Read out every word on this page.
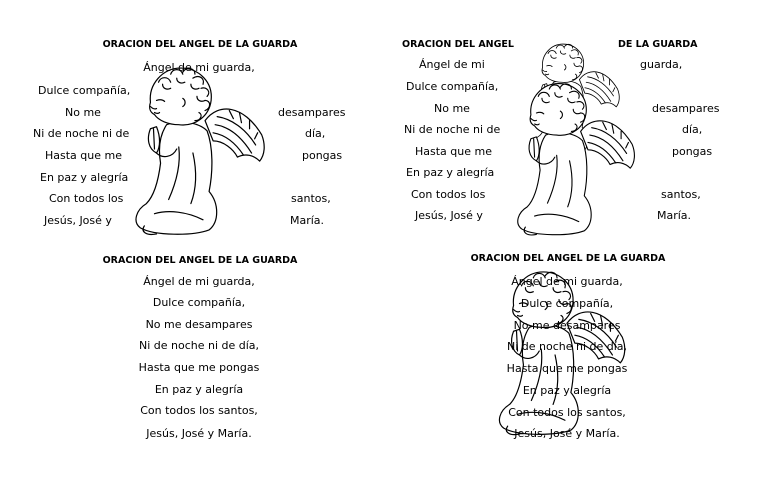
ORACION DEL ANGEL DE LA GUARDA
Ángel de mi guarda,
Dulce compañía,
No me	desampares
Ni de noche ni de	día,
Hasta que me	pongas
En paz y alegría
Con todos los	santos,
Jesús, José y	María.
ORACION DEL ANGEL	DE LA GUARDA
Ángel de mi	guarda,
Dulce compañía,
No me	desampares
Ni de noche ni de	día,
Hasta que me	pongas
En paz y alegría
Con todos los	santos,
Jesús, José y	María.
ORACION DEL ANGEL DE LA GUARDA
Ángel de mi guarda,
Dulce compañía,
No me desampares
Ni de noche ni de día,
Hasta que me pongas
En paz y alegría
Con todos los santos,
Jesús, José y María.
ORACION DEL ANGEL DE LA GUARDA
Ángel de mi guarda,
Dulce compañía,
No me desampares
Ni de noche ni de día,
Hasta que me pongas
En paz y alegría
Con todos los santos,
Jesús, José y María.
